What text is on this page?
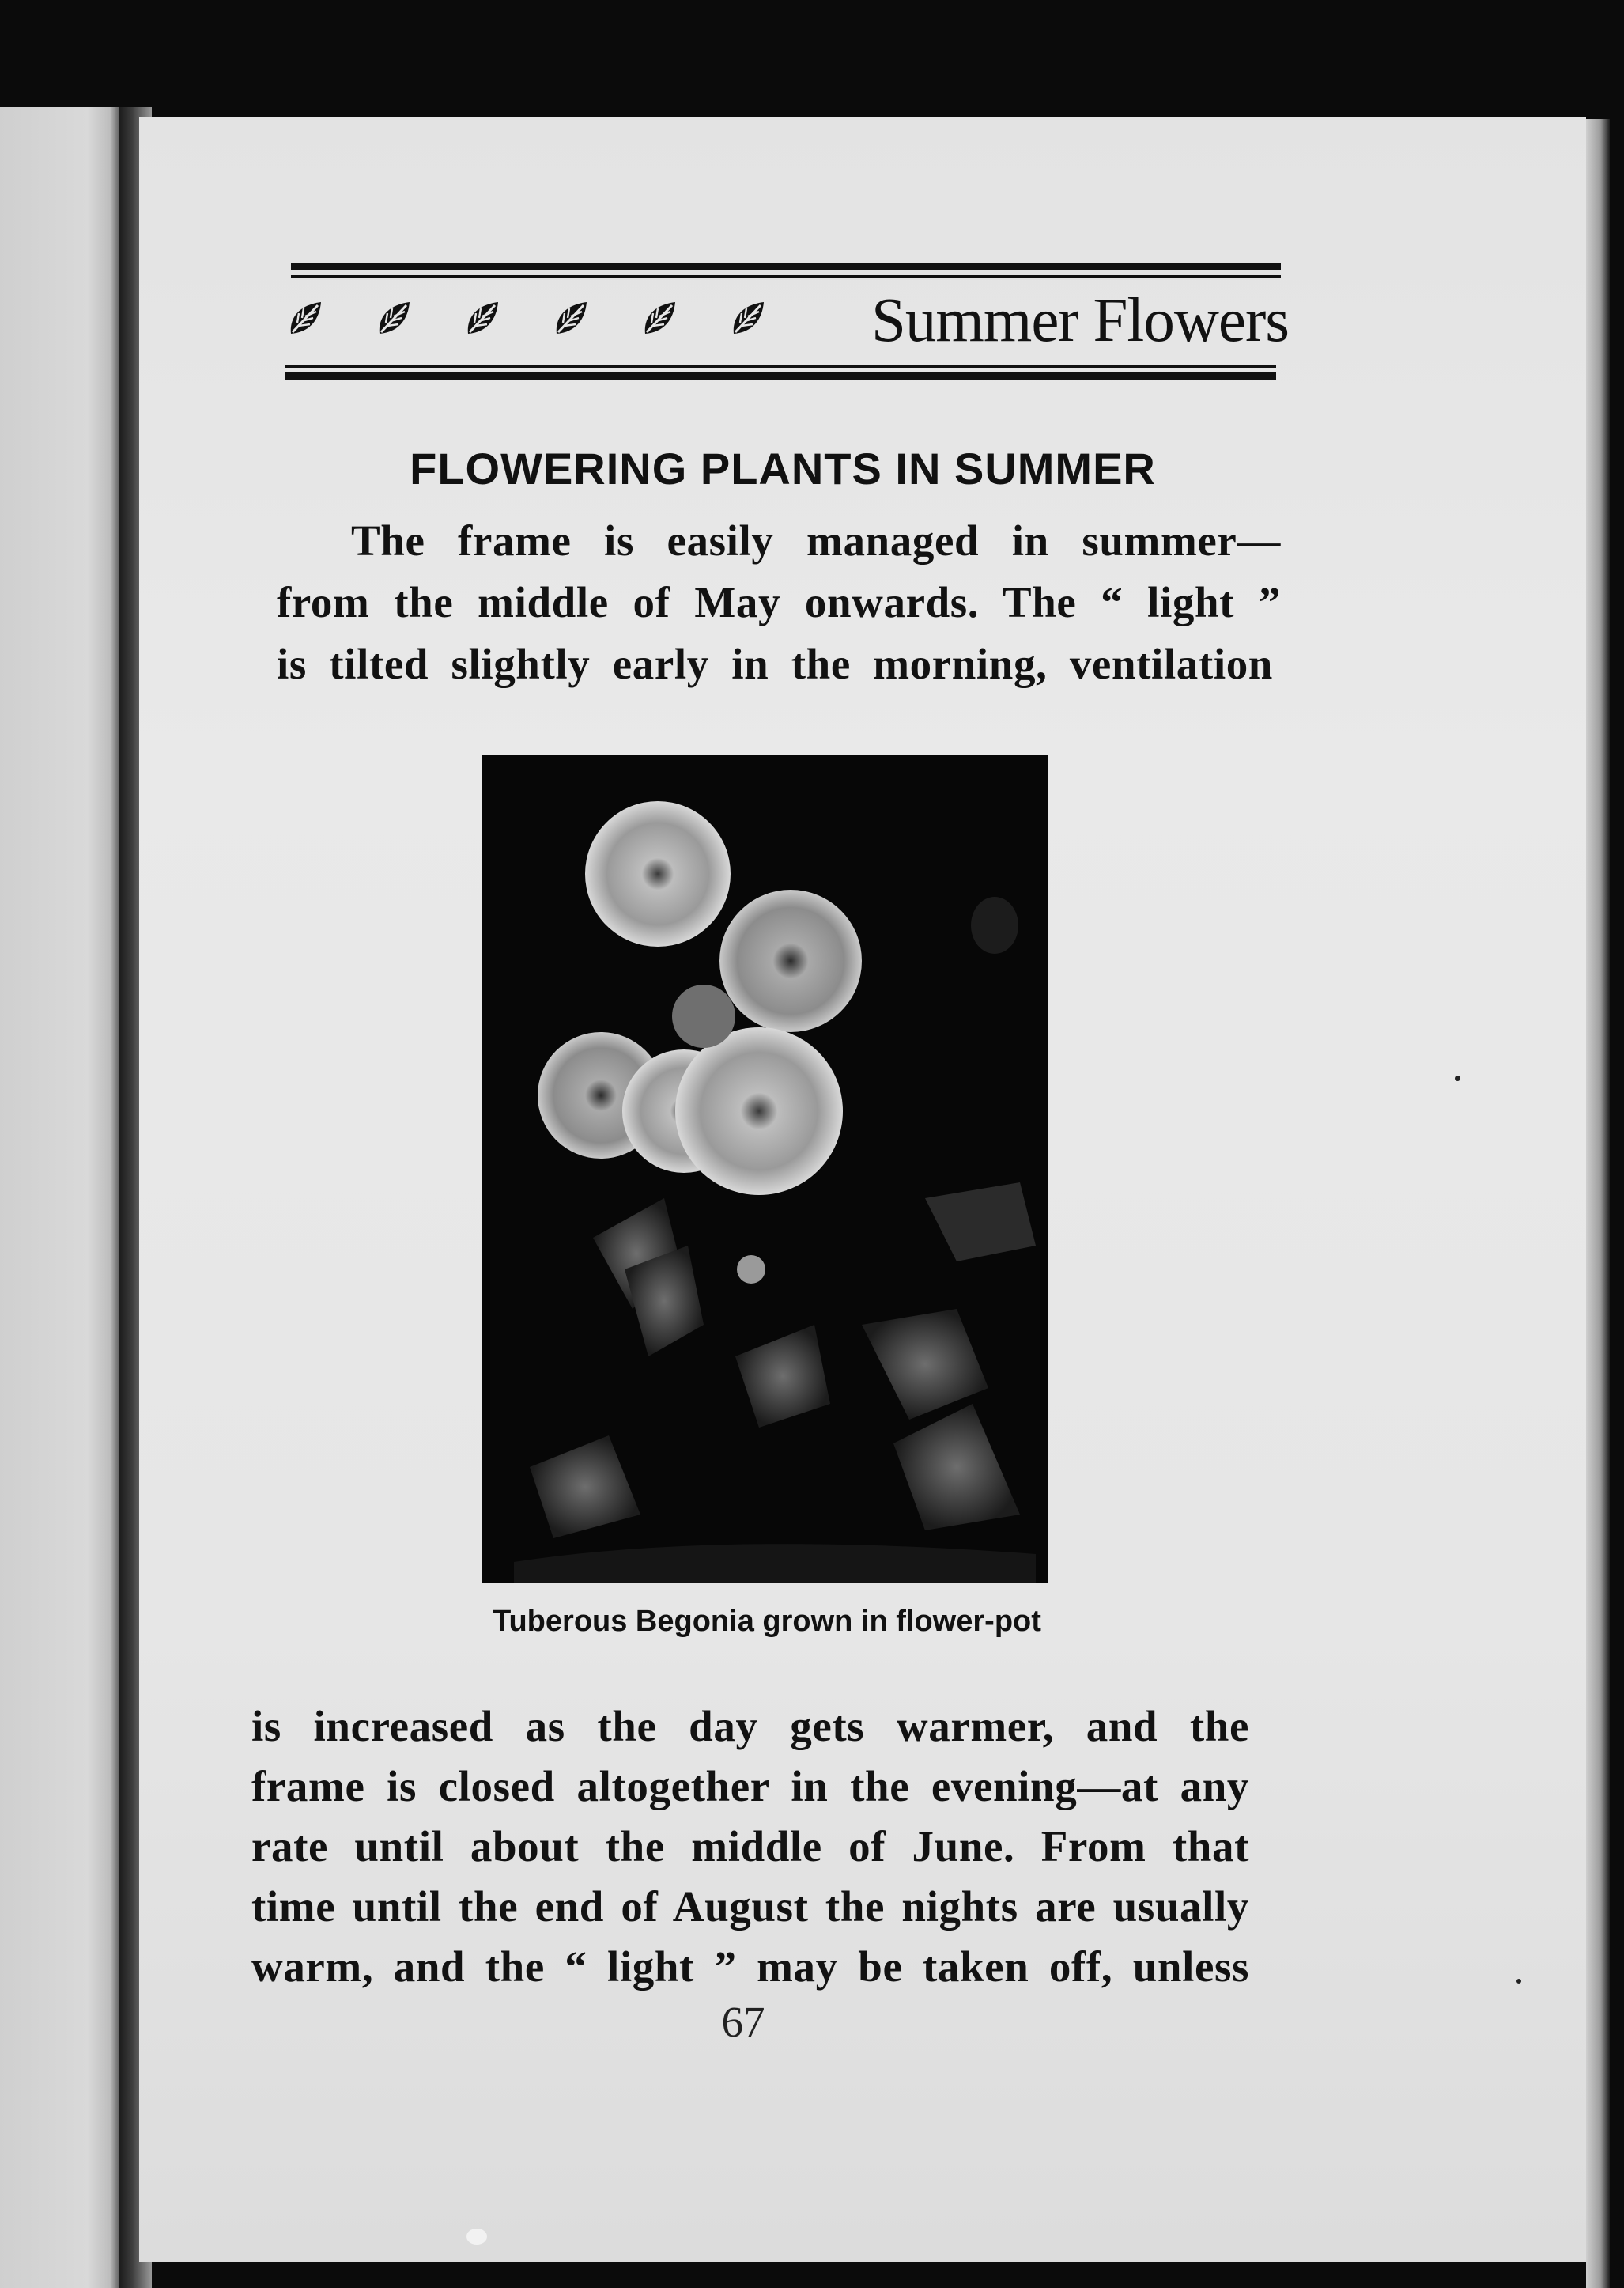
Summer Flowers
FLOWERING PLANTS IN SUMMER
The frame is easily managed in summer—
from the middle of May onwards. The “ light ”
is tilted slightly early in the morning, ventilation
Tuberous Begonia grown in flower-pot
is increased as the day gets warmer, and the
frame is closed altogether in the evening—at any
rate until about the middle of June. From that
time until the end of August the nights are usually
warm, and the “ light ” may be taken off, unless
67
